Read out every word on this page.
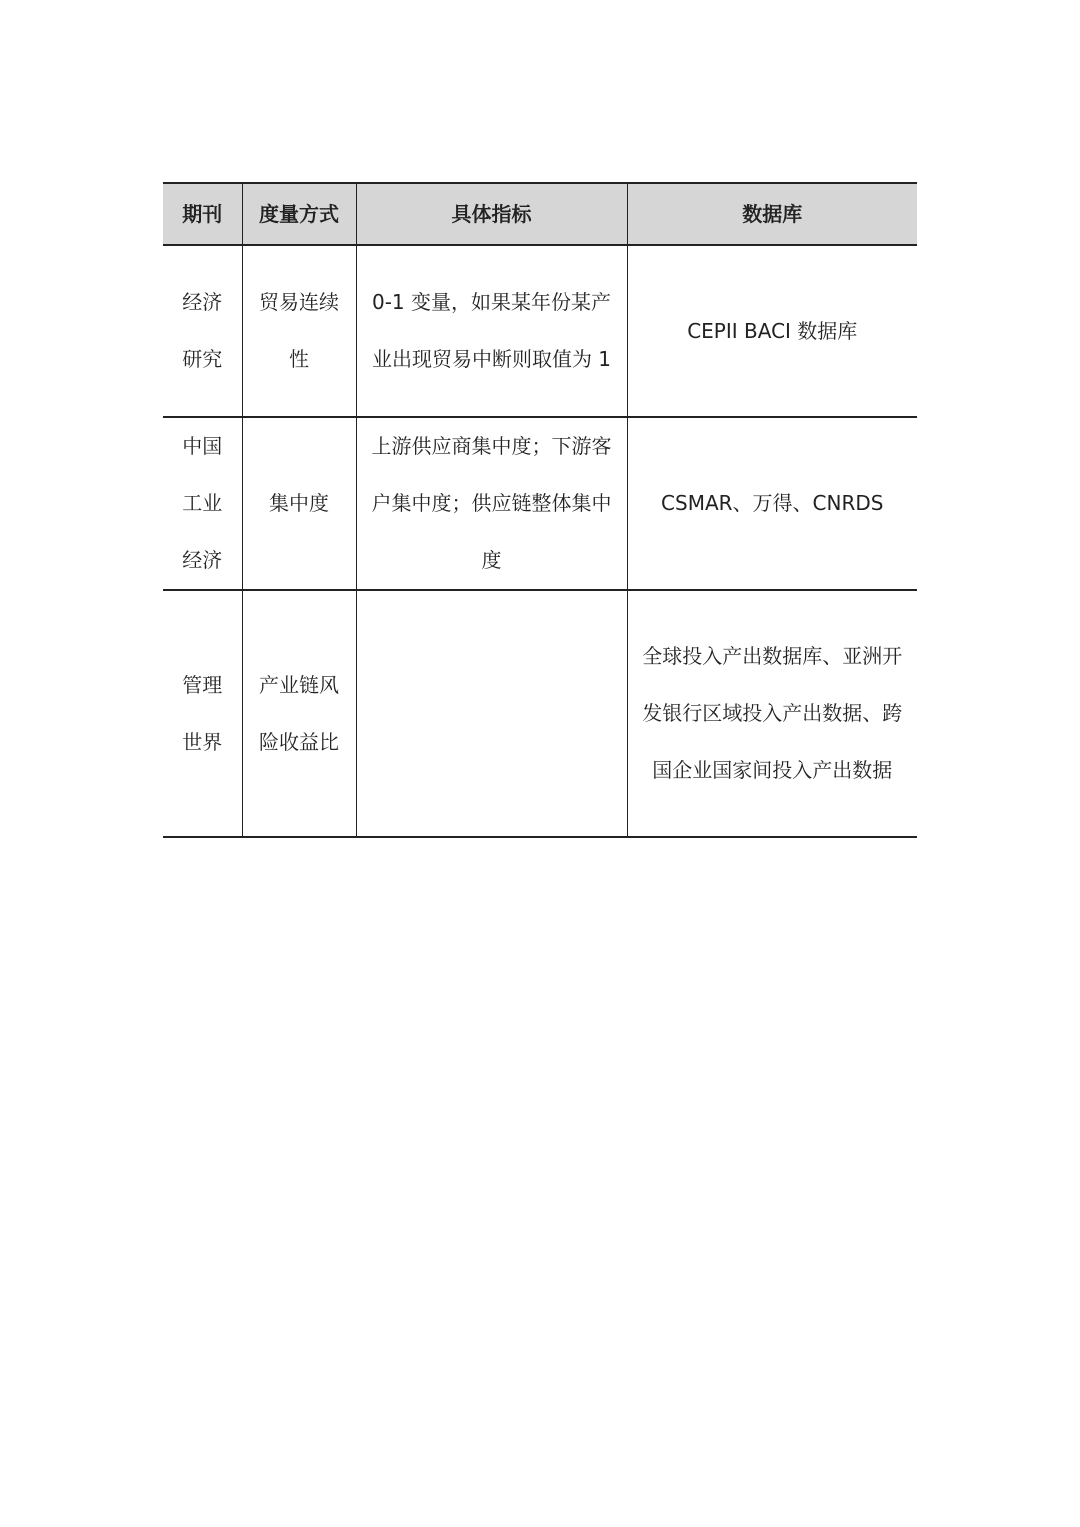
期刊	度量方式	具体指标	数据库
经济研究	贸易连续性	0-1 变量，如果某年份某产业出现贸易中断则取值为 1	CEPII BACI 数据库
中国工业经济	集中度	上游供应商集中度；下游客户集中度；供应链整体集中度	CSMAR、万得、CNRDS
管理世界	产业链风险收益比		全球投入产出数据库、亚洲开发银行区域投入产出数据、跨国企业国家间投入产出数据
